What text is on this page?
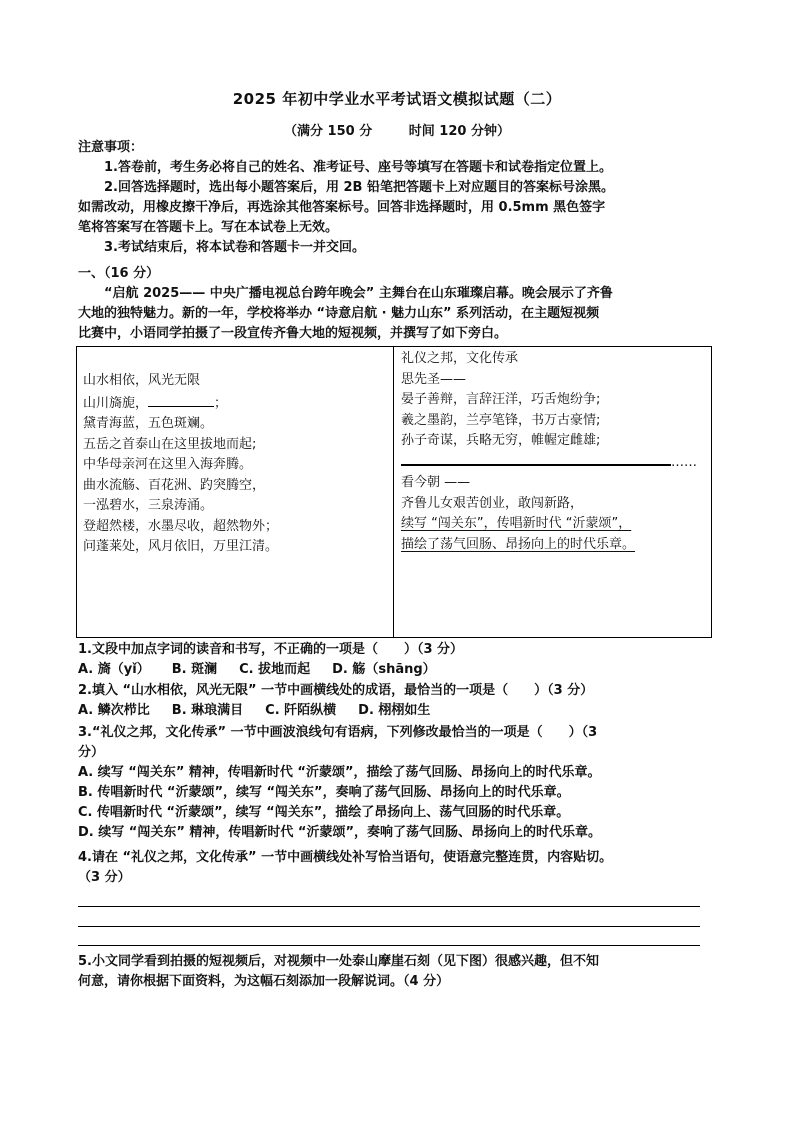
2025 年初中学业水平考试语文模拟试题（二）
（满分 150 分	时间 120 分钟）
注意事项：
1.答卷前，考生务必将自己的姓名、准考证号、座号等填写在答题卡和试卷指定位置上。
2.回答选择题时，选出每小题答案后，用 2B 铅笔把答题卡上对应题目的答案标号涂黑。
如需改动，用橡皮擦干净后，再选涂其他答案标号。回答非选择题时，用 0.5mm 黑色签字
笔将答案写在答题卡上。写在本试卷上无效。
3.考试结束后，将本试卷和答题卡一并交回。
一、（16 分）
“启航 2025—— 中央广播电视总台跨年晚会” 主舞台在山东璀璨启幕。晚会展示了齐鲁
大地的独特魅力。新的一年，学校将举办 “诗意启航 · 魅力山东” 系列活动，在主题短视频
比赛中，小语同学拍摄了一段宣传齐鲁大地的短视频，并撰写了如下旁白。
山水相依，风光无限
山川旖旎，	；
黛青海蓝，五色斑斓。
五岳之首泰山在这里拔地而起;
中华母亲河在这里入海奔腾。
曲水流觞、百花洲、趵突腾空，
一泓碧水，三泉涛涌。
登超然楼，水墨尽收，超然物外；
问蓬莱处，风月依旧，万里江清。
礼仪之邦，文化传承
思先圣——
晏子善辩，言辞汪洋，巧舌炮纷争;
羲之墨韵，兰亭笔锋，书万古豪情;
孙子奇谋，兵略无穷，帷幄定雌雄;
……
看今朝 ——
齐鲁儿女艰苦创业，敢闯新路，
续写 “闯关东”，传唱新时代 “沂蒙颂”，
描绘了荡气回肠、昂扬向上的时代乐章。
1.文段中加点字词的读音和书写，不正确的一项是（　　）（3 分）
A. 旖（yǐ） B. 斑澜 C. 拔地而起 D. 觞（shāng）
2.填入 “山水相依，风光无限” 一节中画横线处的成语，最恰当的一项是（　　）（3 分）
A. 鳞次栉比 B. 琳琅满目 C. 阡陌纵横 D. 栩栩如生
3.“礼仪之邦，文化传承” 一节中画波浪线句有语病，下列修改最恰当的一项是（　　）（3
分）
A. 续写 “闯关东” 精神，传唱新时代 “沂蒙颂”，描绘了荡气回肠、昂扬向上的时代乐章。
B. 传唱新时代 “沂蒙颂”，续写 “闯关东”，奏响了荡气回肠、昂扬向上的时代乐章。
C. 传唱新时代 “沂蒙颂”，续写 “闯关东”，描绘了昂扬向上、荡气回肠的时代乐章。
D. 续写 “闯关东” 精神，传唱新时代 “沂蒙颂”，奏响了荡气回肠、昂扬向上的时代乐章。
4.请在 “礼仪之邦，文化传承” 一节中画横线处补写恰当语句，使语意完整连贯，内容贴切。
（3 分）
5.小文同学看到拍摄的短视频后，对视频中一处泰山摩崖石刻（见下图）很感兴趣，但不知
何意，请你根据下面资料，为这幅石刻添加一段解说词。（4 分）
